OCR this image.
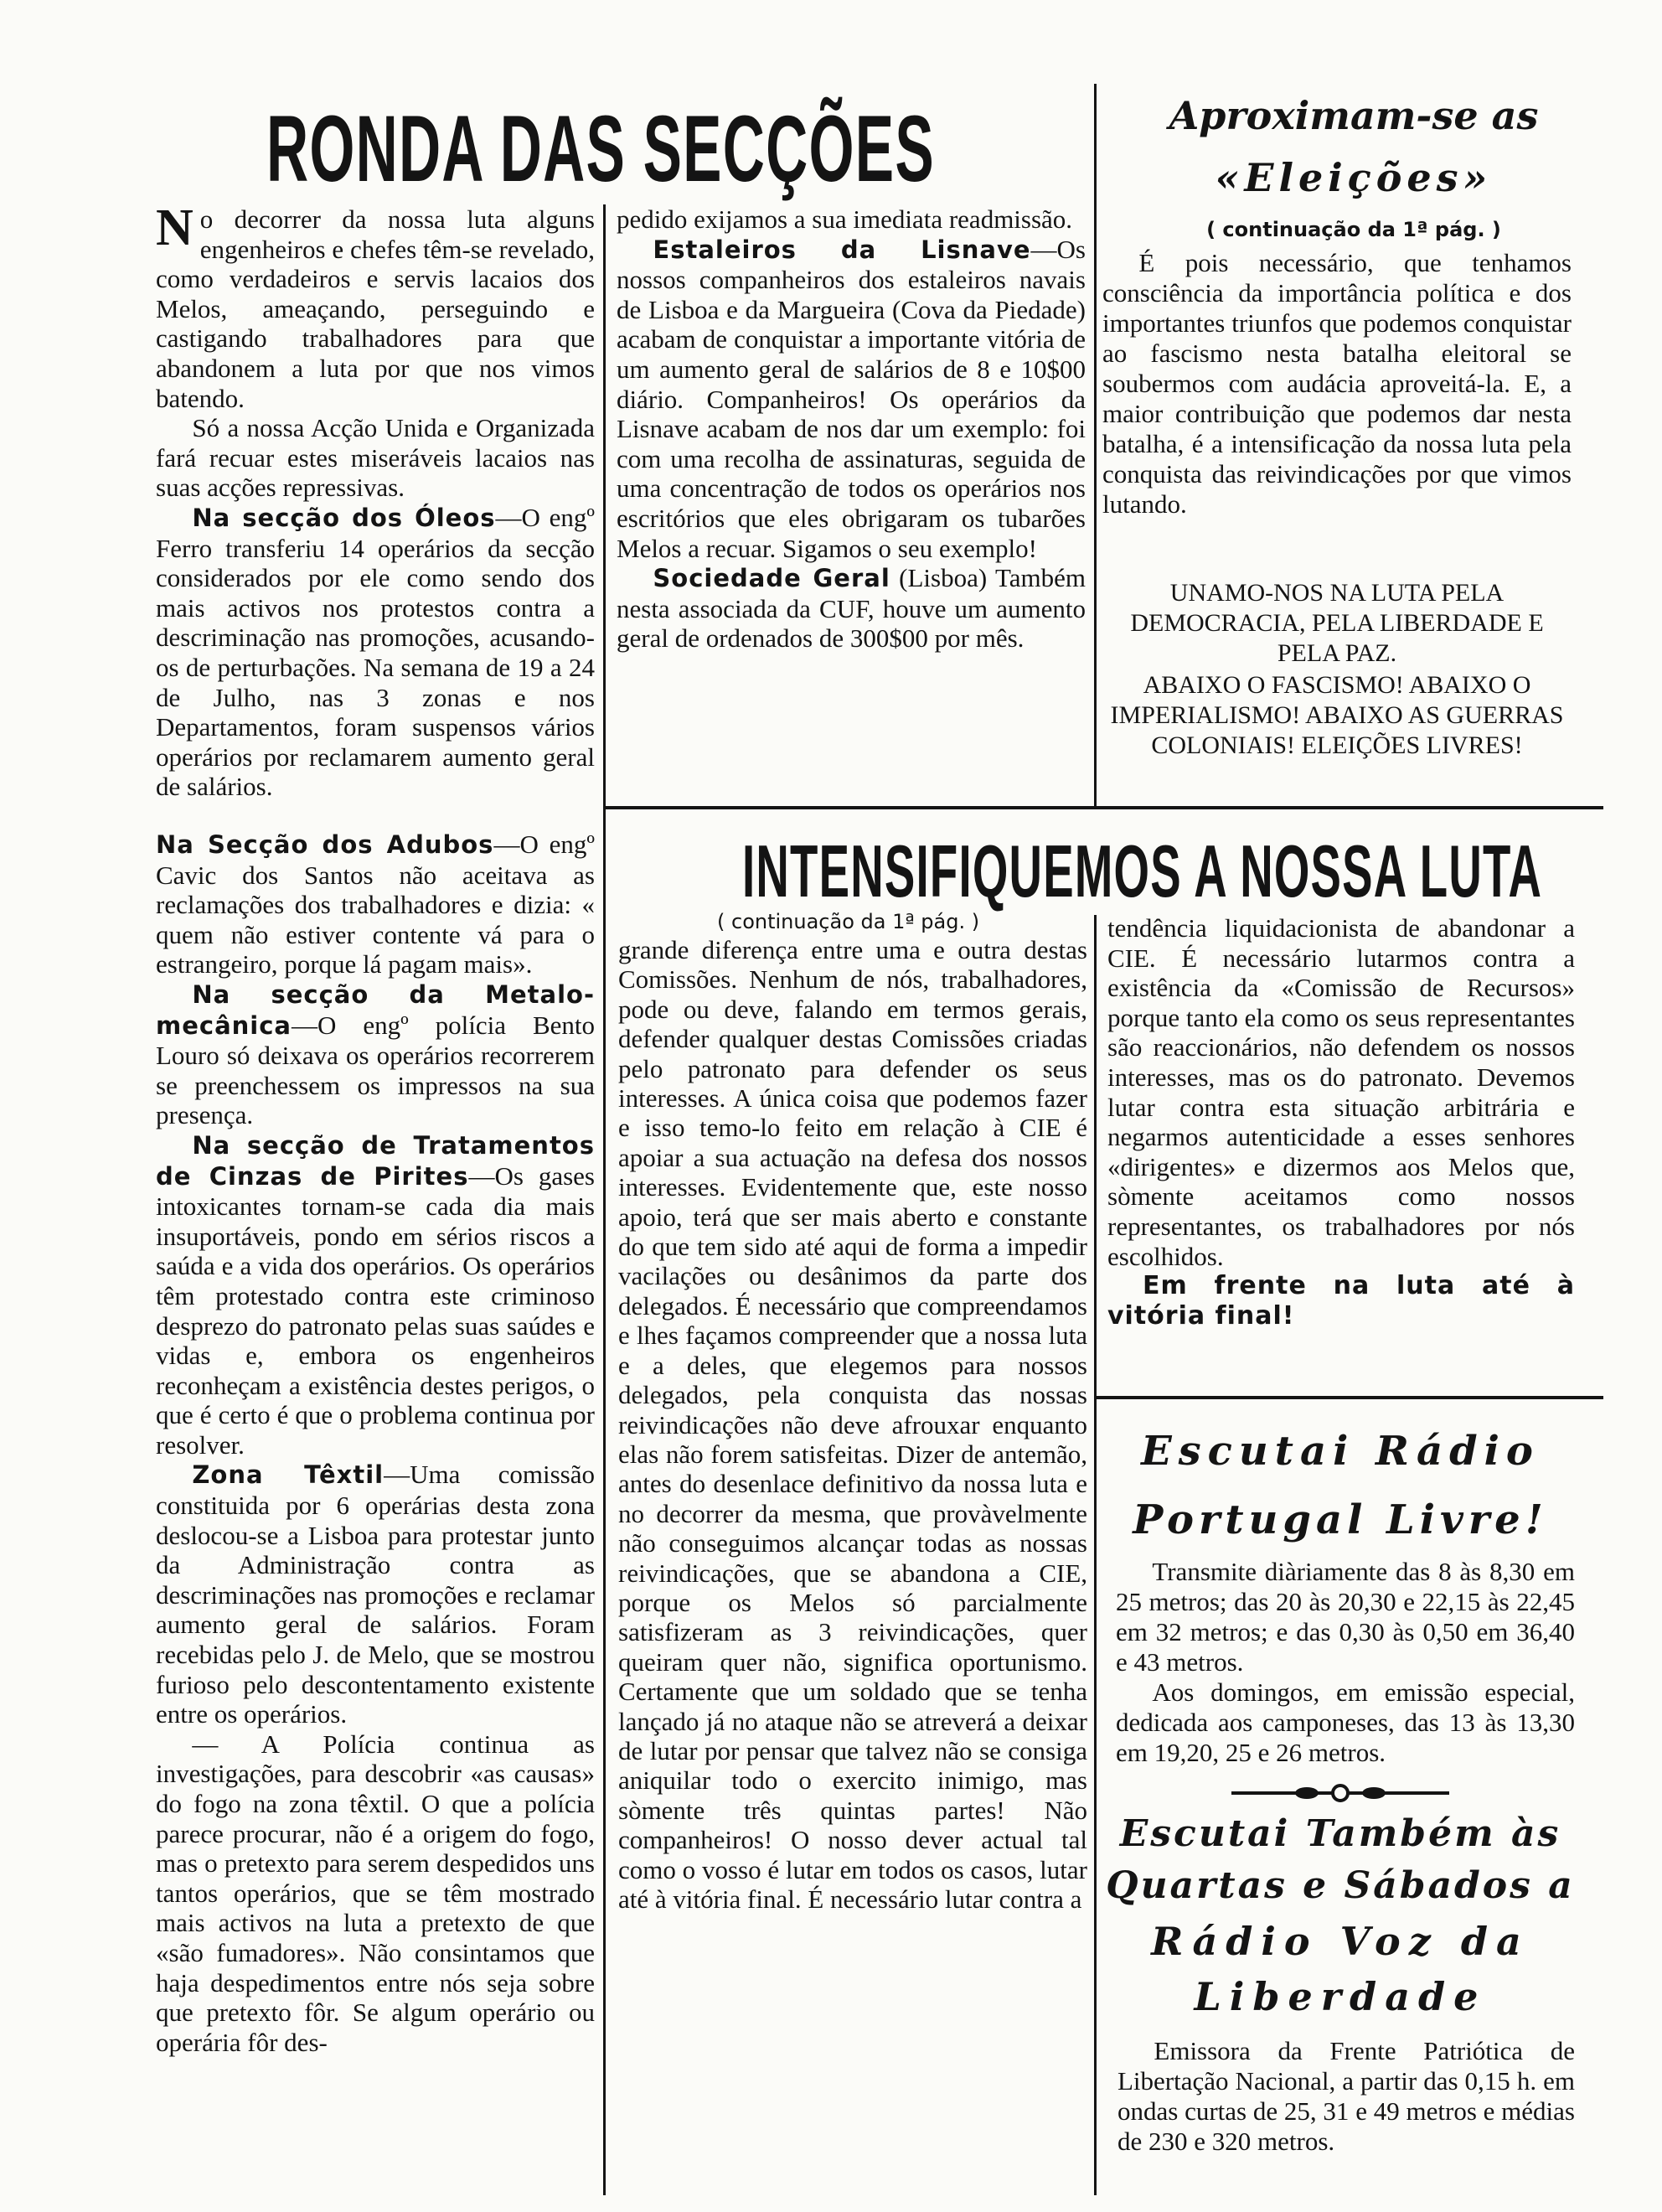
RONDA DAS SECÇÕES

No decorrer da nossa luta alguns engenheiros e chefes têm-se revelado, como verdadeiros e servis lacaios dos Melos, ameaçando, perseguindo e castigando trabalhadores para que abandonem a luta por que nos vimos batendo.

Só a nossa Acção Unida e Organizada fará recuar estes miseráveis lacaios nas suas acções repressivas.

Na secção dos Óleos—O engº Ferro transferiu 14 operários da secção considerados por ele como sendo dos mais activos nos protestos contra a descriminação nas promoções, acusando-os de perturbações. Na semana de 19 a 24 de Julho, nas 3 zonas e nos Departamentos, foram suspensos vários operários por reclamarem aumento geral de salários.

pedido exijamos a sua imediata readmissão.

Estaleiros da Lisnave—Os nossos companheiros dos estaleiros navais de Lisboa e da Margueira (Cova da Piedade) acabam de conquistar a importante vitória de um aumento geral de salários de 8 e 10$00 diário. Companheiros! Os operários da Lisnave acabam de nos dar um exemplo: foi com uma recolha de assinaturas, seguida de uma concentração de todos os operários nos escritórios que eles obrigaram os tubarões Melos a recuar. Sigamos o seu exemplo!

Sociedade Geral (Lisboa) Também nesta associada da CUF, houve um aumento geral de ordenados de 300$00 por mês.

Na Secção dos Adubos—O engº Cavic dos Santos não aceitava as reclamações dos trabalhadores e dizia: « quem não estiver contente vá para o estrangeiro, porque lá pagam mais».

Na secção da Metalo-mecânica—O engº polícia Bento Louro só deixava os operários recorrerem se preenchessem os impressos na sua presença.

Na secção de Tratamentos de Cinzas de Pirites—Os gases intoxicantes tornam-se cada dia mais insuportáveis, pondo em sérios riscos a saúda e a vida dos operários. Os operários têm protestado contra este criminoso desprezo do patronato pelas suas saúdes e vidas e, embora os engenheiros reconheçam a existência destes perigos, o que é certo é que o problema continua por resolver.

Zona Têxtil—Uma comissão constituida por 6 operárias desta zona deslocou-se a Lisboa para protestar junto da Administração contra as descriminações nas promoções e reclamar aumento geral de salários. Foram recebidas pelo J. de Melo, que se mostrou furioso pelo descontentamento existente entre os operários.

— A Polícia continua as investigações, para descobrir «as causas» do fogo na zona têxtil. O que a polícia parece procurar, não é a origem do fogo, mas o pretexto para serem despedidos uns tantos operários, que se têm mostrado mais activos na luta a pretexto de que «são fumadores». Não consintamos que haja despedimentos entre nós seja sobre que pretexto fôr. Se algum operário ou operária fôr des-

Aproximam-se as
«Eleições»
( continuação da 1ª pág. )

É pois necessário, que tenhamos consciência da importância política e dos importantes triunfos que podemos conquistar ao fascismo nesta batalha eleitoral se soubermos com audácia aproveitá-la. E, a maior contribuição que podemos dar nesta batalha, é a intensificação da nossa luta pela conquista das reivindicações por que vimos lutando.

UNAMO-NOS NA LUTA PELA DEMOCRACIA, PELA LIBERDADE E PELA PAZ.
ABAIXO O FASCISMO! ABAIXO O IMPERIALISMO! ABAIXO AS GUERRAS COLONIAIS! ELEIÇÕES LIVRES!
INTENSIFIQUEMOS A NOSSA LUTA
( continuação da 1ª pág. )

grande diferença entre uma e outra destas Comissões. Nenhum de nós, trabalhadores, pode ou deve, falando em termos gerais, defender qualquer destas Comissões criadas pelo patronato para defender os seus interesses. A única coisa que podemos fazer e isso temo-lo feito em relação à CIE é apoiar a sua actuação na defesa dos nossos interesses. Evidentemente que, este nosso apoio, terá que ser mais aberto e constante do que tem sido até aqui de forma a impedir vacilações ou desânimos da parte dos delegados. É necessário que compreendamos e lhes façamos compreender que a nossa luta e a deles, que elegemos para nossos delegados, pela conquista das nossas reivindicações não deve afrouxar enquanto elas não forem satisfeitas. Dizer de antemão, antes do desenlace definitivo da nossa luta e no decorrer da mesma, que provàvelmente não conseguimos alcançar todas as nossas reivindicações, que se abandona a CIE, porque os Melos só parcialmente satisfizeram as 3 reivindicações, quer queiram quer não, significa oportunismo. Certamente que um soldado que se tenha lançado já no ataque não se atreverá a deixar de lutar por pensar que talvez não se consiga aniquilar todo o exercito inimigo, mas sòmente três quintas partes! Não companheiros! O nosso dever actual tal como o vosso é lutar em todos os casos, lutar até à vitória final. É necessário lutar contra a

tendência liquidacionista de abandonar a CIE. É necessário lutarmos contra a existência da «Comissão de Recursos» porque tanto ela como os seus representantes são reaccionários, não defendem os nossos interesses, mas os do patronato. Devemos lutar contra esta situação arbitrária e negarmos autenticidade a esses senhores «dirigentes» e dizermos aos Melos que, sòmente aceitamos como nossos representantes, os trabalhadores por nós escolhidos.

Em frente na luta até à vitória final!

Escutai Rádio
Portugal Livre!

Transmite diàriamente das 8 às 8,30 em 25 metros; das 20 às 20,30 e 22,15 às 22,45 em 32 metros; e das 0,30 às 0,50 em 36,40 e 43 metros.

Aos domingos, em emissão especial, dedicada aos camponeses, das 13 às 13,30 em 19,20, 25 e 26 metros.

Escutai Também às
Quartas e Sábados a
Rádio Voz da
Liberdade

Emissora da Frente Patriótica de Libertação Nacional, a partir das 0,15 h. em ondas curtas de 25, 31 e 49 metros e médias de 230 e 320 metros.
